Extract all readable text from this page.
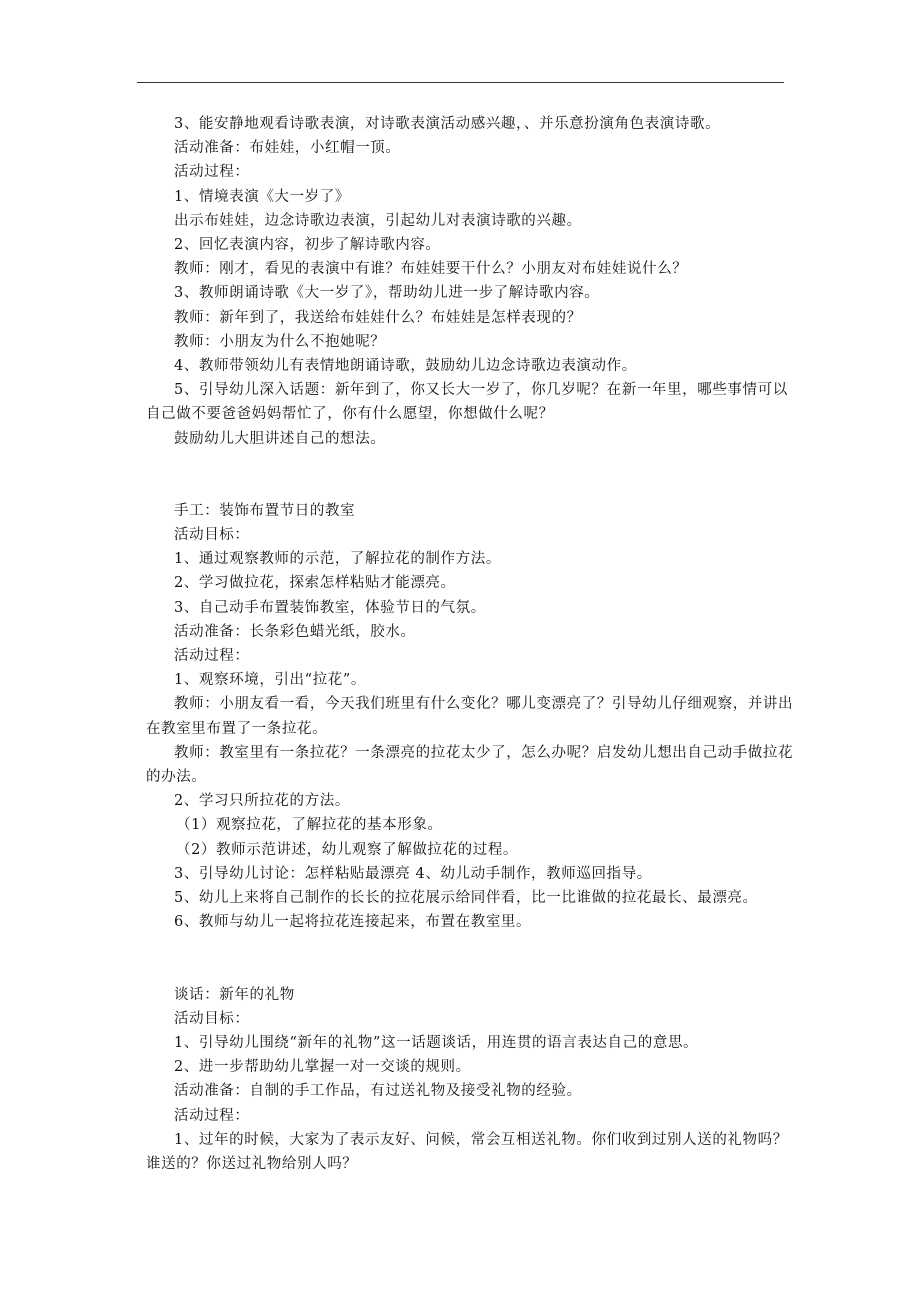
3、能安静地观看诗歌表演，对诗歌表演活动感兴趣，、并乐意扮演角色表演诗歌。

活动准备：布娃娃，小红帽一顶。

活动过程：

1、情境表演《大一岁了》

出示布娃娃，边念诗歌边表演，引起幼儿对表演诗歌的兴趣。

2、回忆表演内容，初步了解诗歌内容。

教师：刚才，看见的表演中有谁？布娃娃要干什么？小朋友对布娃娃说什么？

3、教师朗诵诗歌《大一岁了》，帮助幼儿进一步了解诗歌内容。

教师：新年到了，我送给布娃娃什么？布娃娃是怎样表现的？

教师：小朋友为什么不抱她呢？

4、教师带领幼儿有表情地朗诵诗歌，鼓励幼儿边念诗歌边表演动作。

5、引导幼儿深入话题：新年到了，你又长大一岁了，你几岁呢？在新一年里，哪些事情可以自己做不要爸爸妈妈帮忙了，你有什么愿望，你想做什么呢？

鼓励幼儿大胆讲述自己的想法。

手工：装饰布置节日的教室

活动目标：

1、通过观察教师的示范，了解拉花的制作方法。

2、学习做拉花，探索怎样粘贴才能漂亮。

3、自己动手布置装饰教室，体验节日的气氛。

活动准备：长条彩色蜡光纸，胶水。

活动过程：

1、观察环境，引出“拉花”。

教师：小朋友看一看，今天我们班里有什么变化？哪儿变漂亮了？引导幼儿仔细观察，并讲出在教室里布置了一条拉花。

教师：教室里有一条拉花？一条漂亮的拉花太少了，怎么办呢？启发幼儿想出自己动手做拉花的办法。

2、学习只所拉花的方法。

（1）观察拉花，了解拉花的基本形象。

（2）教师示范讲述，幼儿观察了解做拉花的过程。

3、引导幼儿讨论：怎样粘贴最漂亮 4、幼儿动手制作，教师巡回指导。

5、幼儿上来将自己制作的长长的拉花展示给同伴看，比一比谁做的拉花最长、最漂亮。

6、教师与幼儿一起将拉花连接起来，布置在教室里。

谈话：新年的礼物

活动目标：

1、引导幼儿围绕“新年的礼物”这一话题谈话，用连贯的语言表达自己的意思。

2、进一步帮助幼儿掌握一对一交谈的规则。

活动准备：自制的手工作品，有过送礼物及接受礼物的经验。

活动过程：

1、过年的时候，大家为了表示友好、问候，常会互相送礼物。你们收到过别人送的礼物吗？谁送的？你送过礼物给别人吗？
